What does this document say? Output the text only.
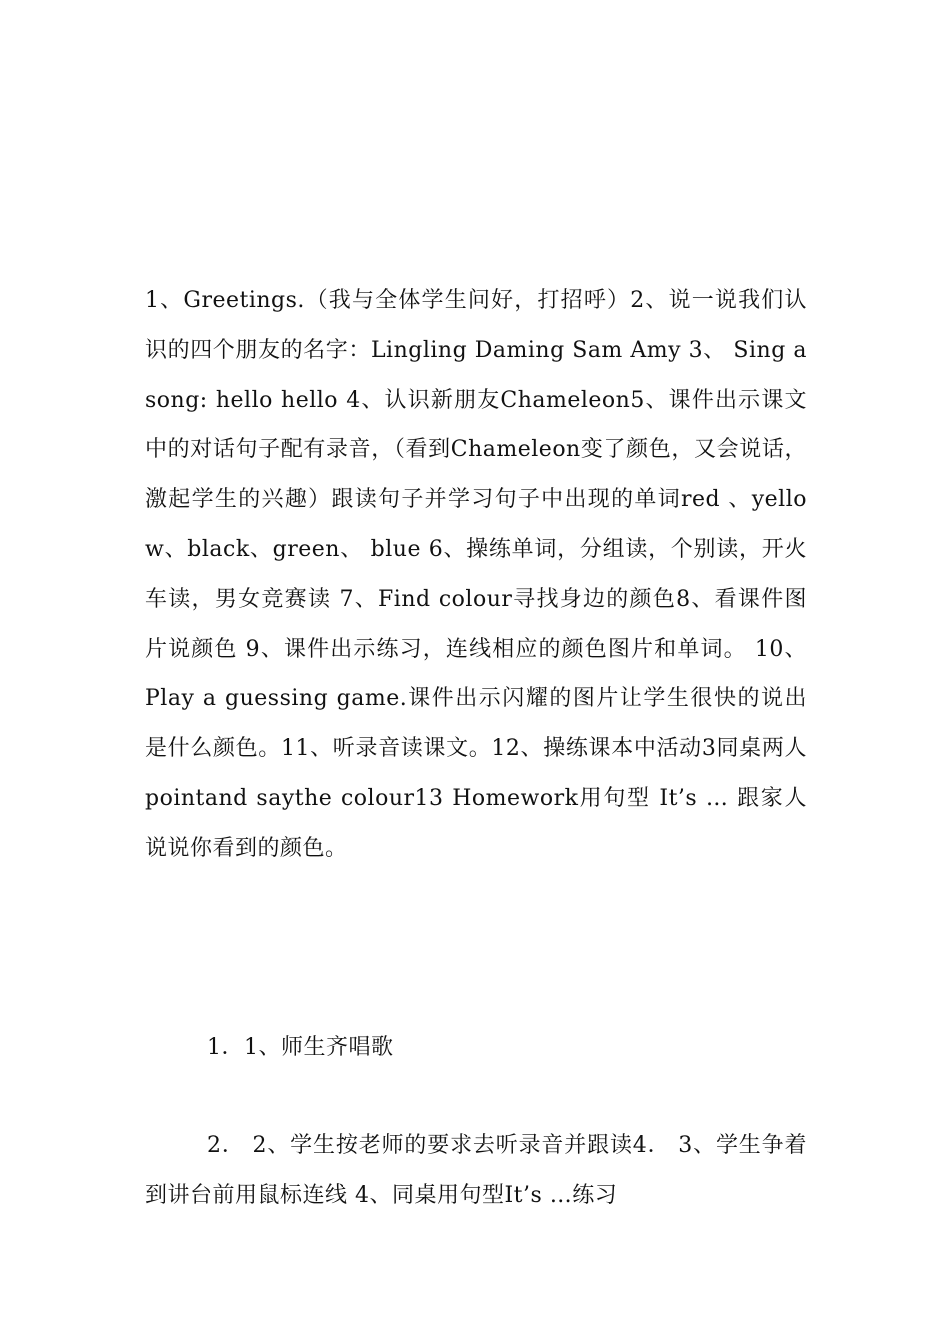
1、Greetings.（我与全体学生问好，打招呼）2、说一说我们认识的四个朋友的名字：Lingling Daming Sam Amy 3、 Sing a song: hello hello 4、认识新朋友Chameleon5、课件出示课文中的对话句子配有录音，（看到Chameleon变了颜色，又会说话，激起学生的兴趣）跟读句子并学习句子中出现的单词red 、yellow、black、green、 blue 6、操练单词，分组读，个别读，开火车读，男女竞赛读 7、Find colour寻找身边的颜色8、看课件图片说颜色 9、课件出示练习，连线相应的颜色图片和单词。 10、 Play a guessing game.课件出示闪耀的图片让学生很快的说出是什么颜色。11、听录音读课文。12、操练课本中活动3同桌两人pointand saythe colour13 Homework用句型 It’s … 跟家人说说你看到的颜色。

1．1、师生齐唱歌

2． 2、学生按老师的要求去听录音并跟读4． 3、学生争着到讲台前用鼠标连线 4、同桌用句型It’s …练习
